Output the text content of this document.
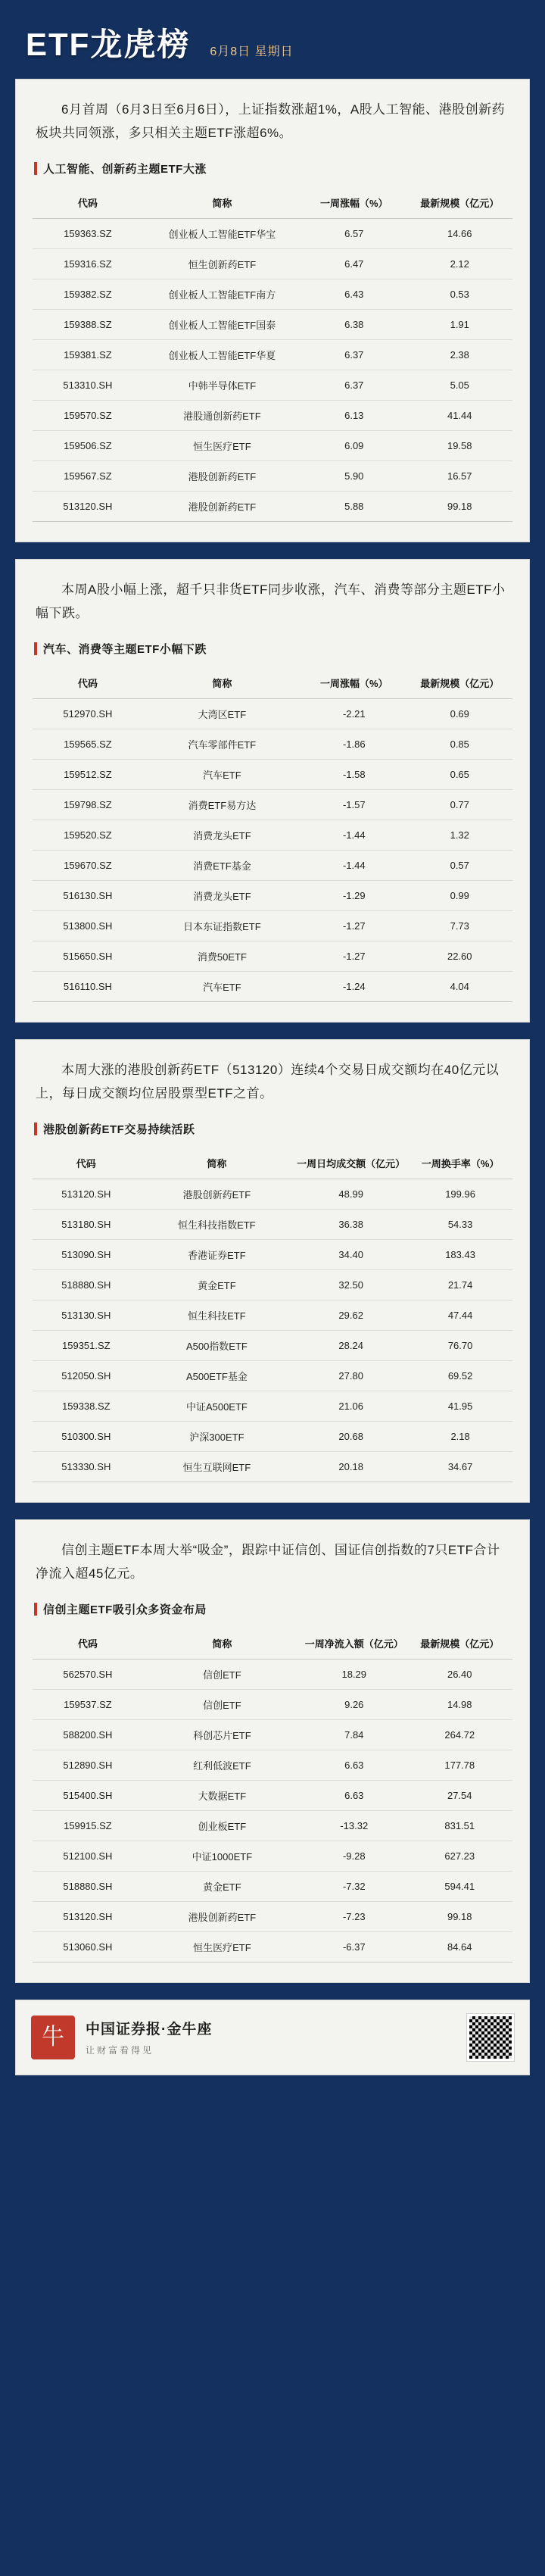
ETF龙虎榜 6月8日 星期日
6月首周（6月3日至6月6日），上证指数涨超1%，A股人工智能、港股创新药板块共同领涨，多只相关主题ETF涨超6%。
人工智能、创新药主题ETF大涨
代码	简称	一周涨幅（%）	最新规模（亿元）
159363.SZ	创业板人工智能ETF华宝	6.57	14.66
159316.SZ	恒生创新药ETF	6.47	2.12
159382.SZ	创业板人工智能ETF南方	6.43	0.53
159388.SZ	创业板人工智能ETF国泰	6.38	1.91
159381.SZ	创业板人工智能ETF华夏	6.37	2.38
513310.SH	中韩半导体ETF	6.37	5.05
159570.SZ	港股通创新药ETF	6.13	41.44
159506.SZ	恒生医疗ETF	6.09	19.58
159567.SZ	港股创新药ETF	5.90	16.57
513120.SH	港股创新药ETF	5.88	99.18
本周A股小幅上涨，超千只非货ETF同步收涨，汽车、消费等部分主题ETF小幅下跌。
汽车、消费等主题ETF小幅下跌
代码	简称	一周涨幅（%）	最新规模（亿元）
512970.SH	大湾区ETF	-2.21	0.69
159565.SZ	汽车零部件ETF	-1.86	0.85
159512.SZ	汽车ETF	-1.58	0.65
159798.SZ	消费ETF易方达	-1.57	0.77
159520.SZ	消费龙头ETF	-1.44	1.32
159670.SZ	消费ETF基金	-1.44	0.57
516130.SH	消费龙头ETF	-1.29	0.99
513800.SH	日本东证指数ETF	-1.27	7.73
515650.SH	消费50ETF	-1.27	22.60
516110.SH	汽车ETF	-1.24	4.04
本周大涨的港股创新药ETF（513120）连续4个交易日成交额均在40亿元以上，每日成交额均位居股票型ETF之首。
港股创新药ETF交易持续活跃
代码	简称	一周日均成交额（亿元）	一周换手率（%）
513120.SH	港股创新药ETF	48.99	199.96
513180.SH	恒生科技指数ETF	36.38	54.33
513090.SH	香港证券ETF	34.40	183.43
518880.SH	黄金ETF	32.50	21.74
513130.SH	恒生科技ETF	29.62	47.44
159351.SZ	A500指数ETF	28.24	76.70
512050.SH	A500ETF基金	27.80	69.52
159338.SZ	中证A500ETF	21.06	41.95
510300.SH	沪深300ETF	20.68	2.18
513330.SH	恒生互联网ETF	20.18	34.67
信创主题ETF本周大举“吸金”，跟踪中证信创、国证信创指数的7只ETF合计净流入超45亿元。
信创主题ETF吸引众多资金布局
代码	简称	一周净流入额（亿元）	最新规模（亿元）
562570.SH	信创ETF	18.29	26.40
159537.SZ	信创ETF	9.26	14.98
588200.SH	科创芯片ETF	7.84	264.72
512890.SH	红利低波ETF	6.63	177.78
515400.SH	大数据ETF	6.63	27.54
159915.SZ	创业板ETF	-13.32	831.51
512100.SH	中证1000ETF	-9.28	627.23
518880.SH	黄金ETF	-7.32	594.41
513120.SH	港股创新药ETF	-7.23	99.18
513060.SH	恒生医疗ETF	-6.37	84.64
牛 中国证券报·金牛座
让财富看得见
